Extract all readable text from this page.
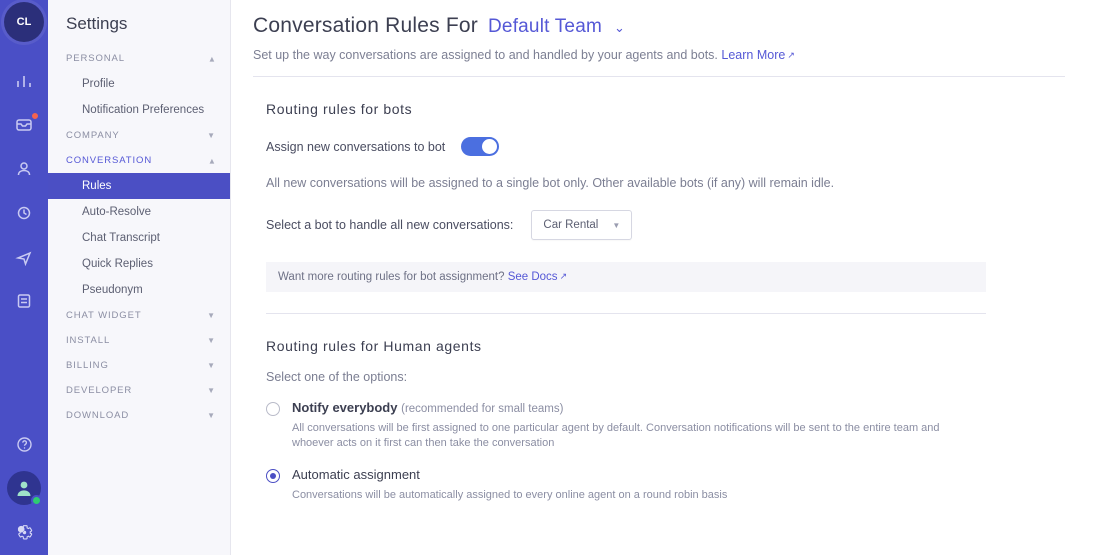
CL	Settings
PERSONAL	▼
Profile
Notification Preferences
COMPANY	▼
CONVERSATION	▼
Rules
Auto-Resolve
Chat Transcript
Quick Replies
Pseudonym
CHAT WIDGET	▼
INSTALL	▼
BILLING	▼
DEVELOPER	▼
DOWNLOAD	▼
Conversation Rules For Default Team ⌄
Set up the way conversations are assigned to and handled by your agents and bots. Learn More ↗
Routing rules for bots
Assign new conversations to bot
All new conversations will be assigned to a single bot only. Other available bots (if any) will remain idle.
Select a bot to handle all new conversations:	Car Rental ▼
Want more routing rules for bot assignment? See Docs ↗
Routing rules for Human agents
Select one of the options:
Notify everybody (recommended for small teams)
All conversations will be first assigned to one particular agent by default. Conversation notifications will be sent to the entire team and whoever acts on it first can then take the conversation
Automatic assignment
Conversations will be automatically assigned to every online agent on a round robin basis
